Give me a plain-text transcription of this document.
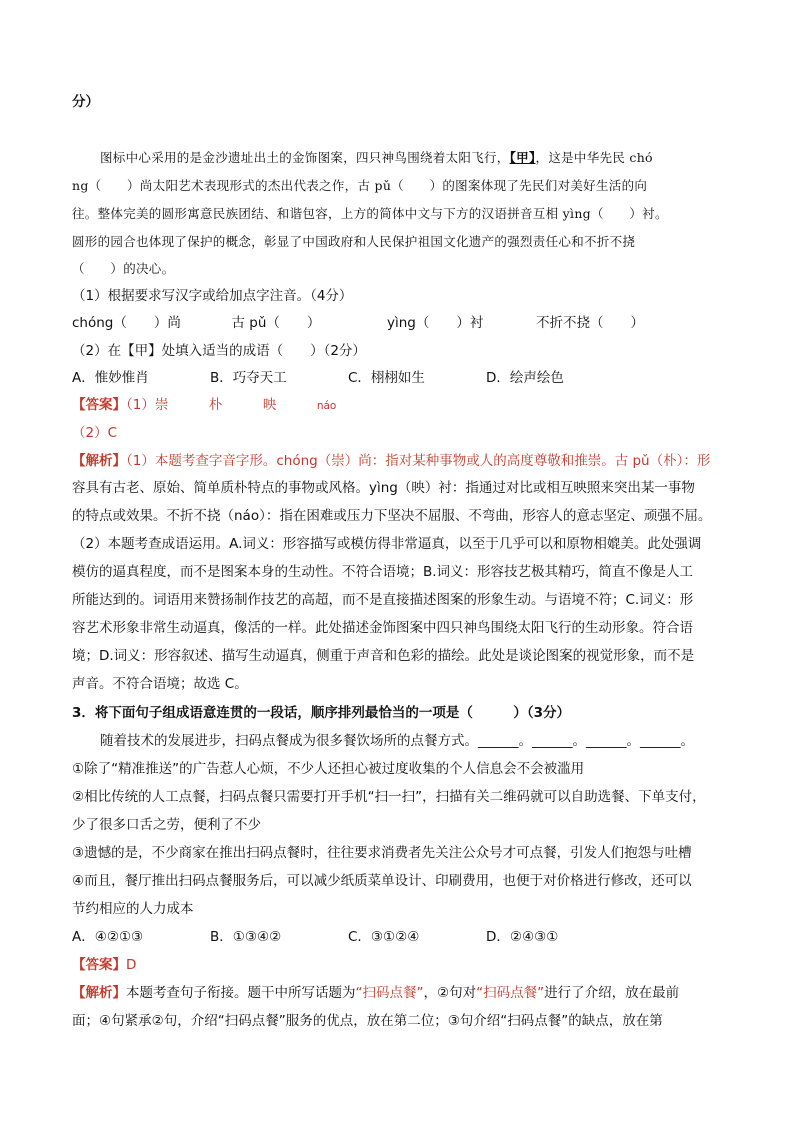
分）
图标中心采用的是金沙遗址出土的金饰图案，四只神鸟围绕着太阳飞行，【甲】，这是中华先民 chó
ng（　　）尚太阳艺术表现形式的杰出代表之作，古 pǔ（　　）的图案体现了先民们对美好生活的向
往。整体完美的圆形寓意民族团结、和谐包容，上方的简体中文与下方的汉语拼音互相 yìng（　　）衬。
圆形的园合也体现了保护的概念，彰显了中国政府和人民保护祖国文化遗产的强烈责任心和不折不挠
（　　）的决心。
（1）根据要求写汉字或给加点字注音。（4分）
chóng（　　）尚	古 pǔ（　　）	yìng（　　）衬	不折不挠（　　）
（2）在【甲】处填入适当的成语（　　）（2分）
A．惟妙惟肖	B．巧夺天工	C．栩栩如生	D．绘声绘色
【答案】（1）崇　　　朴　　　映　　　náo
（2）C
【解析】（1）本题考查字音字形。chóng（崇）尚：指对某种事物或人的高度尊敬和推崇。古 pǔ（朴）：形
容具有古老、原始、简单质朴特点的事物或风格。yìng（映）衬：指通过对比或相互映照来突出某一事物
的特点或效果。不折不挠（náo）：指在困难或压力下坚决不屈服、不弯曲，形容人的意志坚定、顽强不屈。
（2）本题考查成语运用。A.词义：形容描写或模仿得非常逼真，以至于几乎可以和原物相媲美。此处强调
模仿的逼真程度，而不是图案本身的生动性。不符合语境；B.词义：形容技艺极其精巧，简直不像是人工
所能达到的。词语用来赞扬制作技艺的高超，而不是直接描述图案的形象生动。与语境不符；C.词义：形
容艺术形象非常生动逼真，像活的一样。此处描述金饰图案中四只神鸟围绕太阳飞行的生动形象。符合语
境；D.词义：形容叙述、描写生动逼真，侧重于声音和色彩的描绘。此处是谈论图案的视觉形象，而不是
声音。不符合语境；故选 C。
3．将下面句子组成语意连贯的一段话，顺序排列最恰当的一项是（　　　）（3分）
随着技术的发展进步，扫码点餐成为很多餐饮场所的点餐方式。______。______。______。______。
①除了“精准推送”的广告惹人心烦，不少人还担心被过度收集的个人信息会不会被滥用
②相比传统的人工点餐，扫码点餐只需要打开手机“扫一扫”，扫描有关二维码就可以自助选餐、下单支付，
少了很多口舌之劳，便利了不少
③遗憾的是，不少商家在推出扫码点餐时，往往要求消费者先关注公众号才可点餐，引发人们抱怨与吐槽
④而且，餐厅推出扫码点餐服务后，可以减少纸质菜单设计、印刷费用，也便于对价格进行修改，还可以
节约相应的人力成本
A．④②①③	B．①③④②	C．③①②④	D．②④③①
【答案】D
【解析】本题考查句子衔接。题干中所写话题为“扫码点餐”，②句对“扫码点餐”进行了介绍，放在最前
面；④句紧承②句，介绍“扫码点餐”服务的优点，放在第二位；③句介绍“扫码点餐”的缺点，放在第
